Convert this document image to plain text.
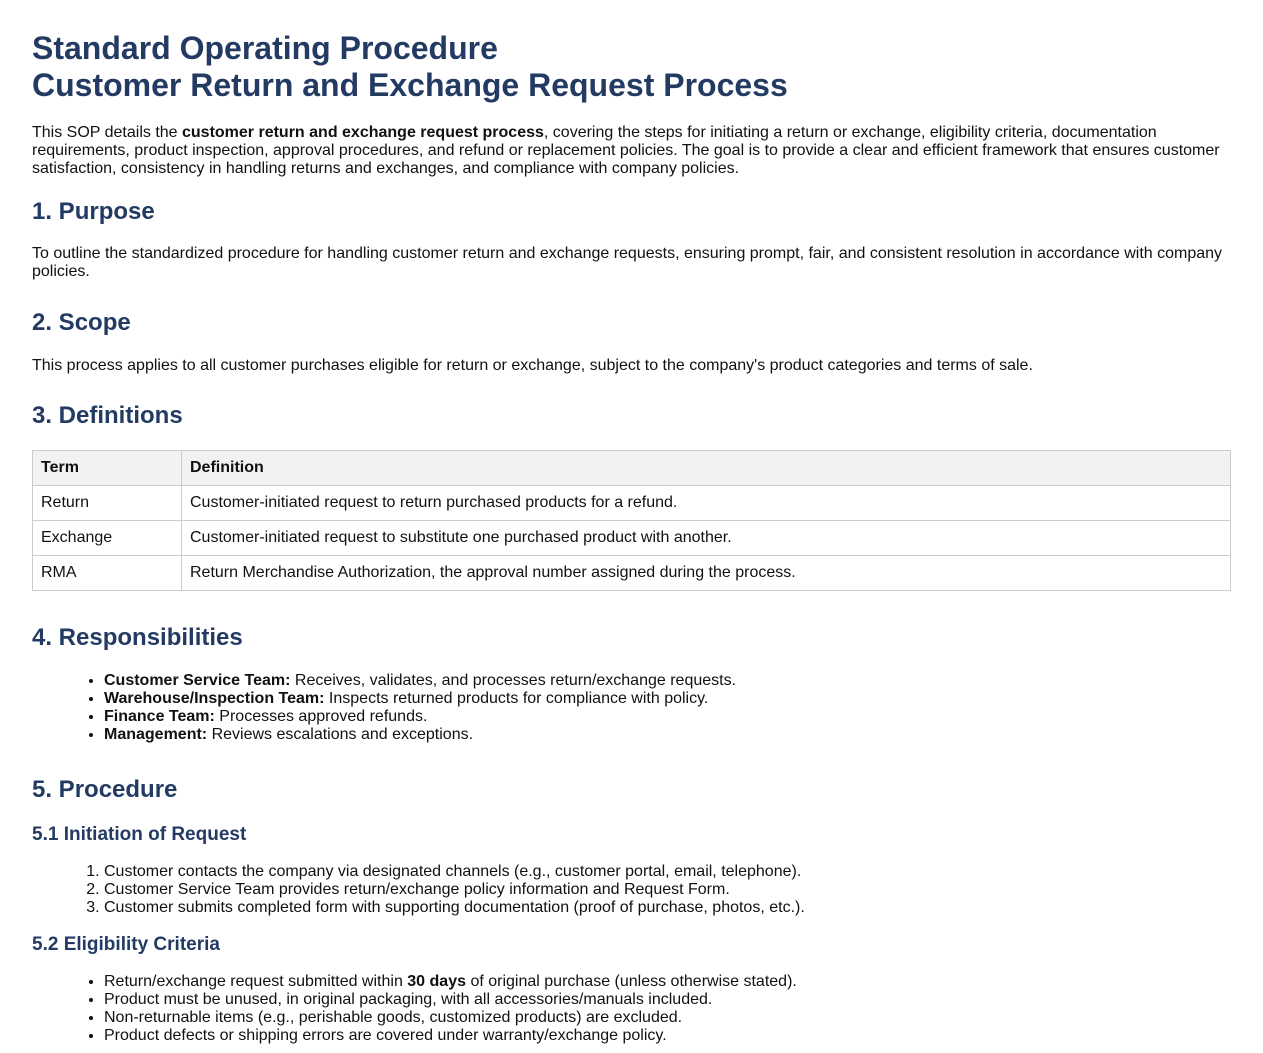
Standard Operating Procedure
Customer Return and Exchange Request Process

This SOP details the customer return and exchange request process, covering the steps for initiating a return or exchange, eligibility criteria, documentation requirements, product inspection, approval procedures, and refund or replacement policies. The goal is to provide a clear and efficient framework that ensures customer satisfaction, consistency in handling returns and exchanges, and compliance with company policies.

1. Purpose

To outline the standardized procedure for handling customer return and exchange requests, ensuring prompt, fair, and consistent resolution in accordance with company policies.

2. Scope

This process applies to all customer purchases eligible for return or exchange, subject to the company's product categories and terms of sale.

3. Definitions
Term	Definition
Return	Customer-initiated request to return purchased products for a refund.
Exchange	Customer-initiated request to substitute one purchased product with another.
RMA	Return Merchandise Authorization, the approval number assigned during the process.
4. Responsibilities
• Customer Service Team: Receives, validates, and processes return/exchange requests.
• Warehouse/Inspection Team: Inspects returned products for compliance with policy.
• Finance Team: Processes approved refunds.
• Management: Reviews escalations and exceptions.
5. Procedure
5.1 Initiation of Request
1. Customer contacts the company via designated channels (e.g., customer portal, email, telephone).
2. Customer Service Team provides return/exchange policy information and Request Form.
3. Customer submits completed form with supporting documentation (proof of purchase, photos, etc.).
5.2 Eligibility Criteria
• Return/exchange request submitted within 30 days of original purchase (unless otherwise stated).
• Product must be unused, in original packaging, with all accessories/manuals included.
• Non-returnable items (e.g., perishable goods, customized products) are excluded.
• Product defects or shipping errors are covered under warranty/exchange policy.
